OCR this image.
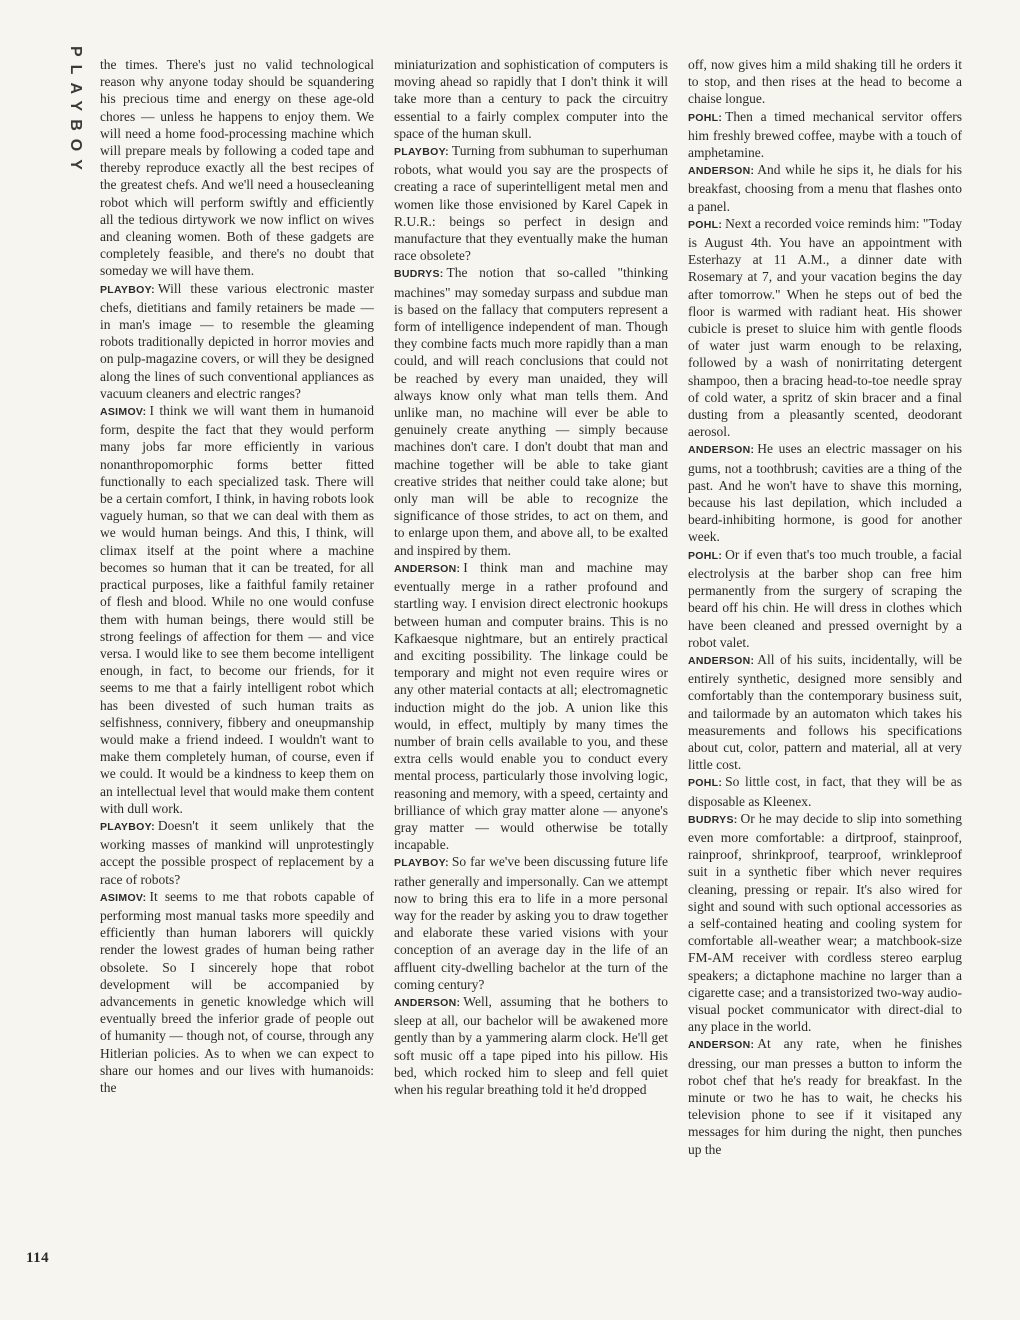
PLAYBOY
114

the times. There's just no valid technological reason why anyone today should be squandering his precious time and energy on these age-old chores — unless he happens to enjoy them. We will need a home food-processing machine which will prepare meals by following a coded tape and thereby reproduce exactly all the best recipes of the greatest chefs. And we'll need a housecleaning robot which will perform swiftly and efficiently all the tedious dirtywork we now inflict on wives and cleaning women. Both of these gadgets are completely feasible, and there's no doubt that someday we will have them.

PLAYBOY: Will these various electronic master chefs, dietitians and family retainers be made — in man's image — to resemble the gleaming robots traditionally depicted in horror movies and on pulp-magazine covers, or will they be designed along the lines of such conventional appliances as vacuum cleaners and electric ranges?

ASIMOV: I think we will want them in humanoid form, despite the fact that they would perform many jobs far more efficiently in various nonanthropomorphic forms better fitted functionally to each specialized task. There will be a certain comfort, I think, in having robots look vaguely human, so that we can deal with them as we would human beings. And this, I think, will climax itself at the point where a machine becomes so human that it can be treated, for all practical purposes, like a faithful family retainer of flesh and blood. While no one would confuse them with human beings, there would still be strong feelings of affection for them — and vice versa. I would like to see them become intelligent enough, in fact, to become our friends, for it seems to me that a fairly intelligent robot which has been divested of such human traits as selfishness, connivery, fibbery and oneupmanship would make a friend indeed. I wouldn't want to make them completely human, of course, even if we could. It would be a kindness to keep them on an intellectual level that would make them content with dull work.

PLAYBOY: Doesn't it seem unlikely that the working masses of mankind will unprotestingly accept the possible prospect of replacement by a race of robots?

ASIMOV: It seems to me that robots capable of performing most manual tasks more speedily and efficiently than human laborers will quickly render the lowest grades of human being rather obsolete. So I sincerely hope that robot development will be accompanied by advancements in genetic knowledge which will eventually breed the inferior grade of people out of humanity — though not, of course, through any Hitlerian policies. As to when we can expect to share our homes and our lives with humanoids: the

miniaturization and sophistication of computers is moving ahead so rapidly that I don't think it will take more than a century to pack the circuitry essential to a fairly complex computer into the space of the human skull.

PLAYBOY: Turning from subhuman to superhuman robots, what would you say are the prospects of creating a race of superintelligent metal men and women like those envisioned by Karel Capek in R.U.R.: beings so perfect in design and manufacture that they eventually make the human race obsolete?

BUDRYS: The notion that so-called "thinking machines" may someday surpass and subdue man is based on the fallacy that computers represent a form of intelligence independent of man. Though they combine facts much more rapidly than a man could, and will reach conclusions that could not be reached by every man unaided, they will always know only what man tells them. And unlike man, no machine will ever be able to genuinely create anything — simply because machines don't care. I don't doubt that man and machine together will be able to take giant creative strides that neither could take alone; but only man will be able to recognize the significance of those strides, to act on them, and to enlarge upon them, and above all, to be exalted and inspired by them.

ANDERSON: I think man and machine may eventually merge in a rather profound and startling way. I envision direct electronic hookups between human and computer brains. This is no Kafkaesque nightmare, but an entirely practical and exciting possibility. The linkage could be temporary and might not even require wires or any other material contacts at all; electromagnetic induction might do the job. A union like this would, in effect, multiply by many times the number of brain cells available to you, and these extra cells would enable you to conduct every mental process, particularly those involving logic, reasoning and memory, with a speed, certainty and brilliance of which gray matter alone — anyone's gray matter — would otherwise be totally incapable.

PLAYBOY: So far we've been discussing future life rather generally and impersonally. Can we attempt now to bring this era to life in a more personal way for the reader by asking you to draw together and elaborate these varied visions with your conception of an average day in the life of an affluent city-dwelling bachelor at the turn of the coming century?

ANDERSON: Well, assuming that he bothers to sleep at all, our bachelor will be awakened more gently than by a yammering alarm clock. He'll get soft music off a tape piped into his pillow. His bed, which rocked him to sleep and fell quiet when his regular breathing told it he'd dropped

off, now gives him a mild shaking till he orders it to stop, and then rises at the head to become a chaise longue.

POHL: Then a timed mechanical servitor offers him freshly brewed coffee, maybe with a touch of amphetamine.

ANDERSON: And while he sips it, he dials for his breakfast, choosing from a menu that flashes onto a panel.

POHL: Next a recorded voice reminds him: "Today is August 4th. You have an appointment with Esterhazy at 11 A.M., a dinner date with Rosemary at 7, and your vacation begins the day after tomorrow." When he steps out of bed the floor is warmed with radiant heat. His shower cubicle is preset to sluice him with gentle floods of water just warm enough to be relaxing, followed by a wash of nonirritating detergent shampoo, then a bracing head-to-toe needle spray of cold water, a spritz of skin bracer and a final dusting from a pleasantly scented, deodorant aerosol.

ANDERSON: He uses an electric massager on his gums, not a toothbrush; cavities are a thing of the past. And he won't have to shave this morning, because his last depilation, which included a beard-inhibiting hormone, is good for another week.

POHL: Or if even that's too much trouble, a facial electrolysis at the barber shop can free him permanently from the surgery of scraping the beard off his chin. He will dress in clothes which have been cleaned and pressed overnight by a robot valet.

ANDERSON: All of his suits, incidentally, will be entirely synthetic, designed more sensibly and comfortably than the contemporary business suit, and tailormade by an automaton which takes his measurements and follows his specifications about cut, color, pattern and material, all at very little cost.

POHL: So little cost, in fact, that they will be as disposable as Kleenex.

BUDRYS: Or he may decide to slip into something even more comfortable: a dirtproof, stainproof, rainproof, shrinkproof, tearproof, wrinkleproof suit in a synthetic fiber which never requires cleaning, pressing or repair. It's also wired for sight and sound with such optional accessories as a self-contained heating and cooling system for comfortable all-weather wear; a matchbook-size FM-AM receiver with cordless stereo earplug speakers; a dictaphone machine no larger than a cigarette case; and a transistorized two-way audio-visual pocket communicator with direct-dial to any place in the world.

ANDERSON: At any rate, when he finishes dressing, our man presses a button to inform the robot chef that he's ready for breakfast. In the minute or two he has to wait, he checks his television phone to see if it visitaped any messages for him during the night, then punches up the
